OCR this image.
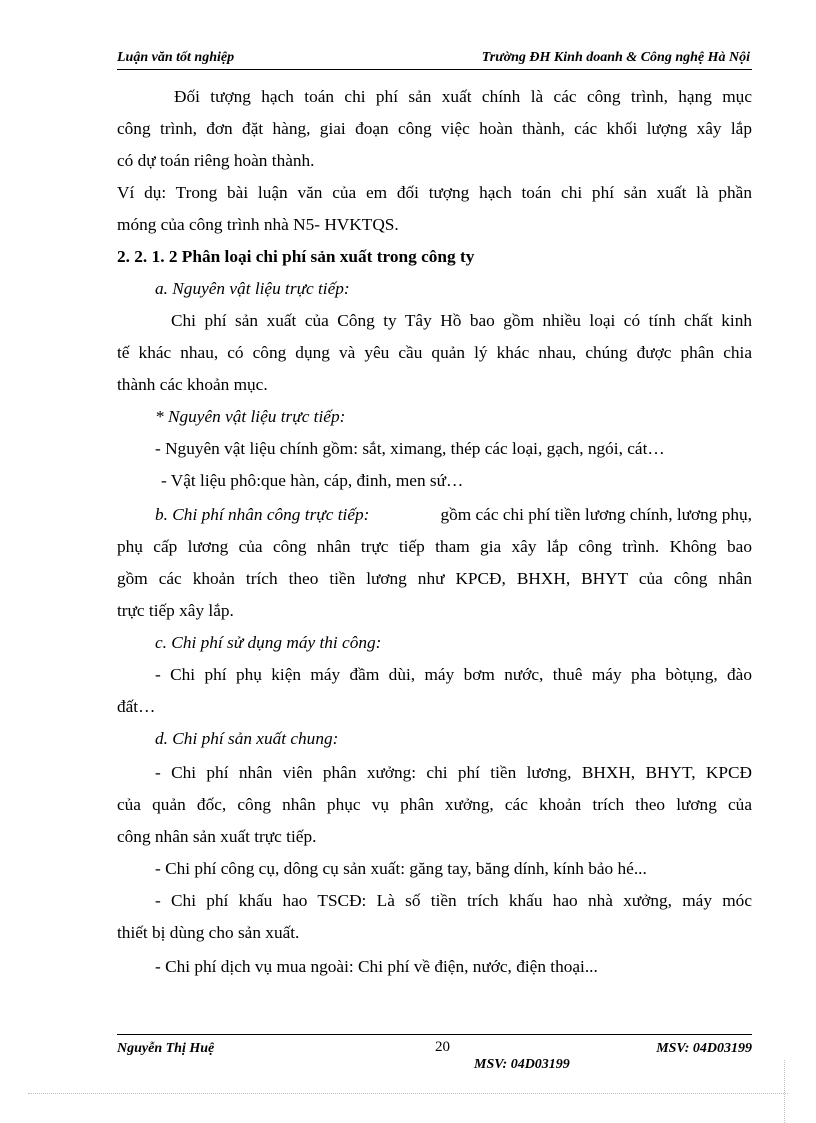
Luận văn tốt nghiệp	Trường ĐH Kinh doanh & Công nghệ Hà Nội
Đối tượng hạch toán chi phí sản xuất chính là các công trình, hạng mục
công trình, đơn đặt hàng, giai đoạn công việc hoàn thành, các khối lượng xây lắp
có dự toán riêng hoàn thành.
Ví dụ: Trong bài luận văn của em đối tượng hạch toán chi phí sản xuất là phần
móng của công trình nhà N5- HVKTQS.
2. 2. 1. 2 Phân loại chi phí sản xuất trong công ty
a. Nguyên vật liệu trực tiếp:
Chi phí sản xuất của Công ty Tây Hồ bao gồm nhiều loại có tính chất kinh
tế khác nhau, có công dụng và yêu cầu quản lý khác nhau, chúng được phân chia
thành các khoản mục.
* Nguyên vật liệu trực tiếp:
- Nguyên vật liệu chính gồm: sắt, ximang, thép các loại, gạch, ngói, cát…
- Vật liệu phô:que hàn, cáp, đinh, men sứ…
b. Chi phí nhân công trực tiếp:	gồm các chi phí tiền lương chính, lương phụ,
phụ cấp lương của công nhân trực tiếp tham gia xây lắp công trình. Không bao
gồm các khoản trích theo tiền lương như KPCĐ, BHXH, BHYT của công nhân
trực tiếp xây lắp.
c. Chi phí sử dụng máy thi công:
- Chi phí phụ kiện máy đầm dùi, máy bơm nước, thuê máy pha bòtụng, đào
đất…
d. Chi phí sản xuất chung:
- Chi phí nhân viên phân xưởng: chi phí tiền lương, BHXH, BHYT, KPCĐ
của quản đốc, công nhân phục vụ phân xưởng, các khoản trích theo lương của
công nhân sản xuất trực tiếp.
- Chi phí công cụ, dông cụ sản xuất: găng tay, băng dính, kính bảo hé...
- Chi phí khấu hao TSCĐ: Là số tiền trích khấu hao nhà xưởng, máy móc
thiết bị dùng cho sản xuất.
- Chi phí dịch vụ mua ngoài: Chi phí về điện, nước, điện thoại...
Nguyễn Thị Huệ	20	MSV: 04D03199
MSV: 04D03199
